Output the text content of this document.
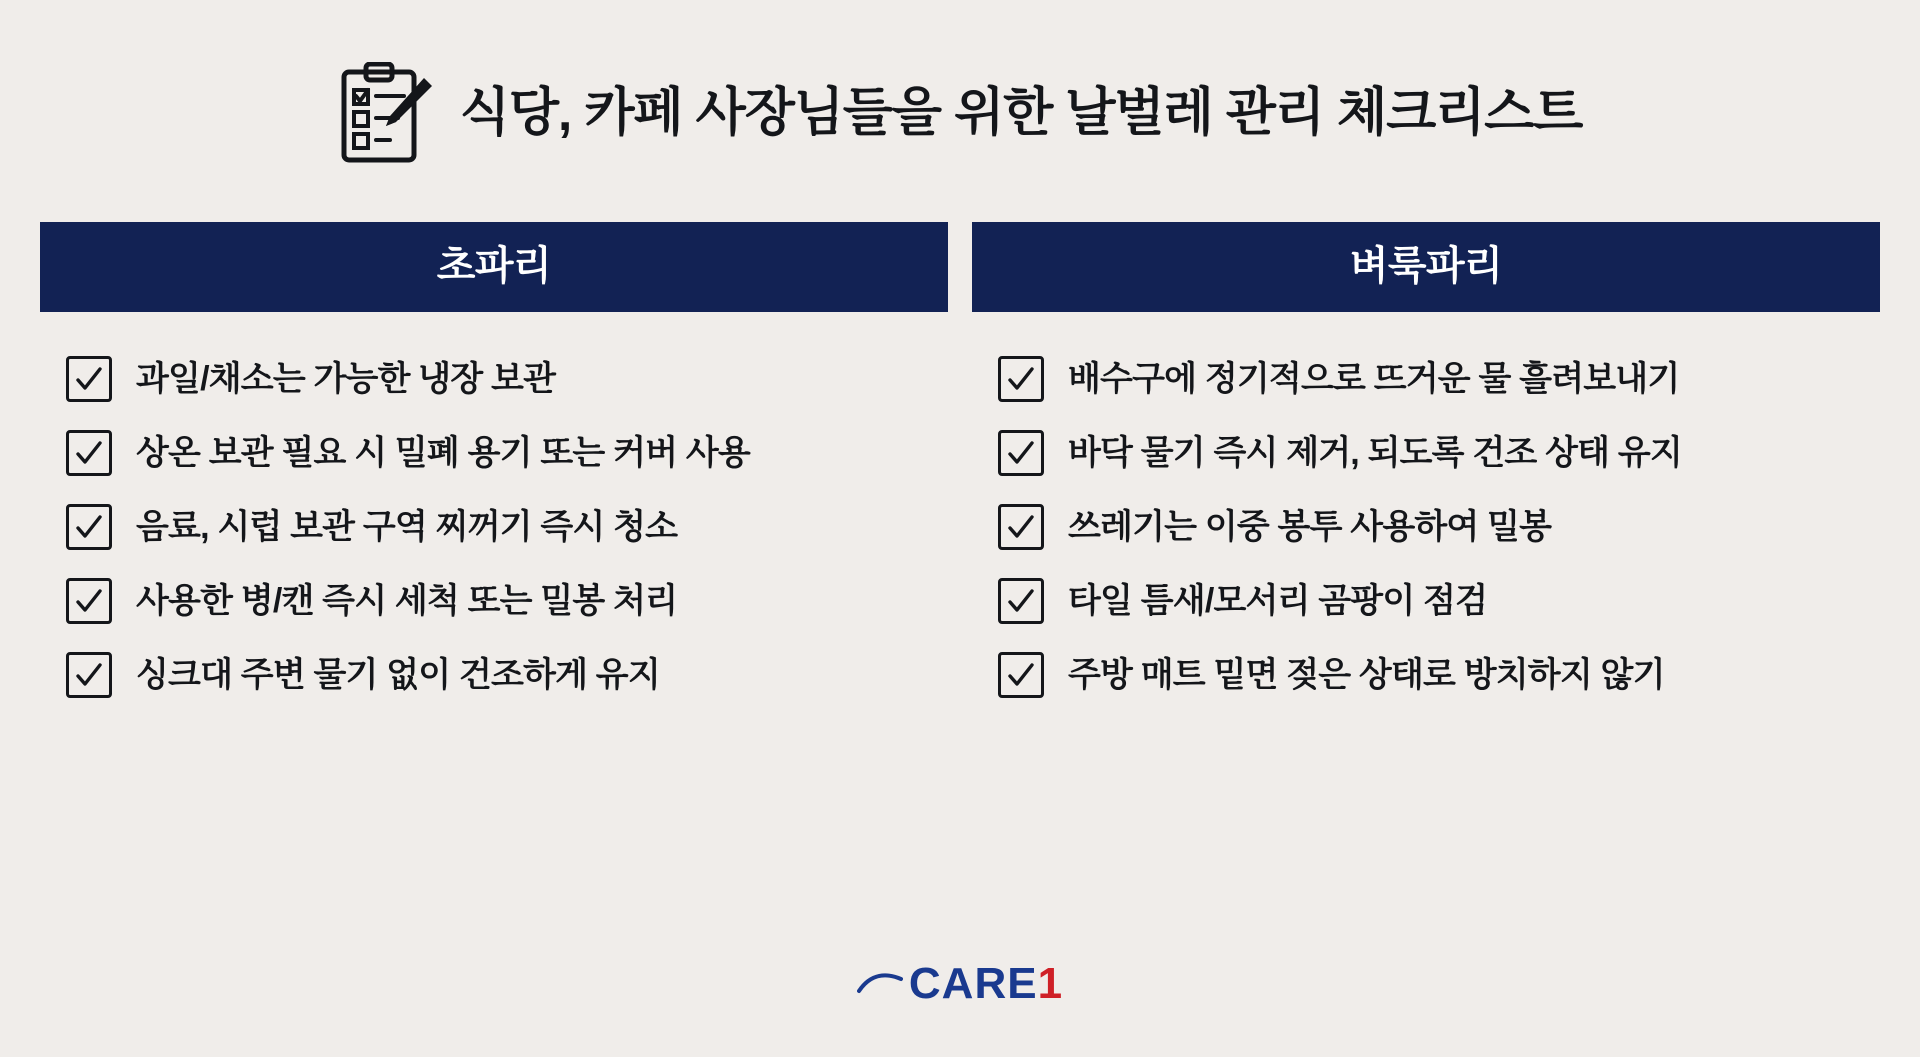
식당, 카페 사장님들을 위한 날벌레 관리 체크리스트
초파리
과일/채소는 가능한 냉장 보관
상온 보관 필요 시 밀폐 용기 또는 커버 사용
음료, 시럽 보관 구역 찌꺼기 즉시 청소
사용한 병/캔 즉시 세척 또는 밀봉 처리
싱크대 주변 물기 없이 건조하게 유지
벼룩파리
배수구에 정기적으로 뜨거운 물 흘려보내기
바닥 물기 즉시 제거, 되도록 건조 상태 유지
쓰레기는 이중 봉투 사용하여 밀봉
타일 틈새/모서리 곰팡이 점검
주방 매트 밑면 젖은 상태로 방치하지 않기
CARE 1
